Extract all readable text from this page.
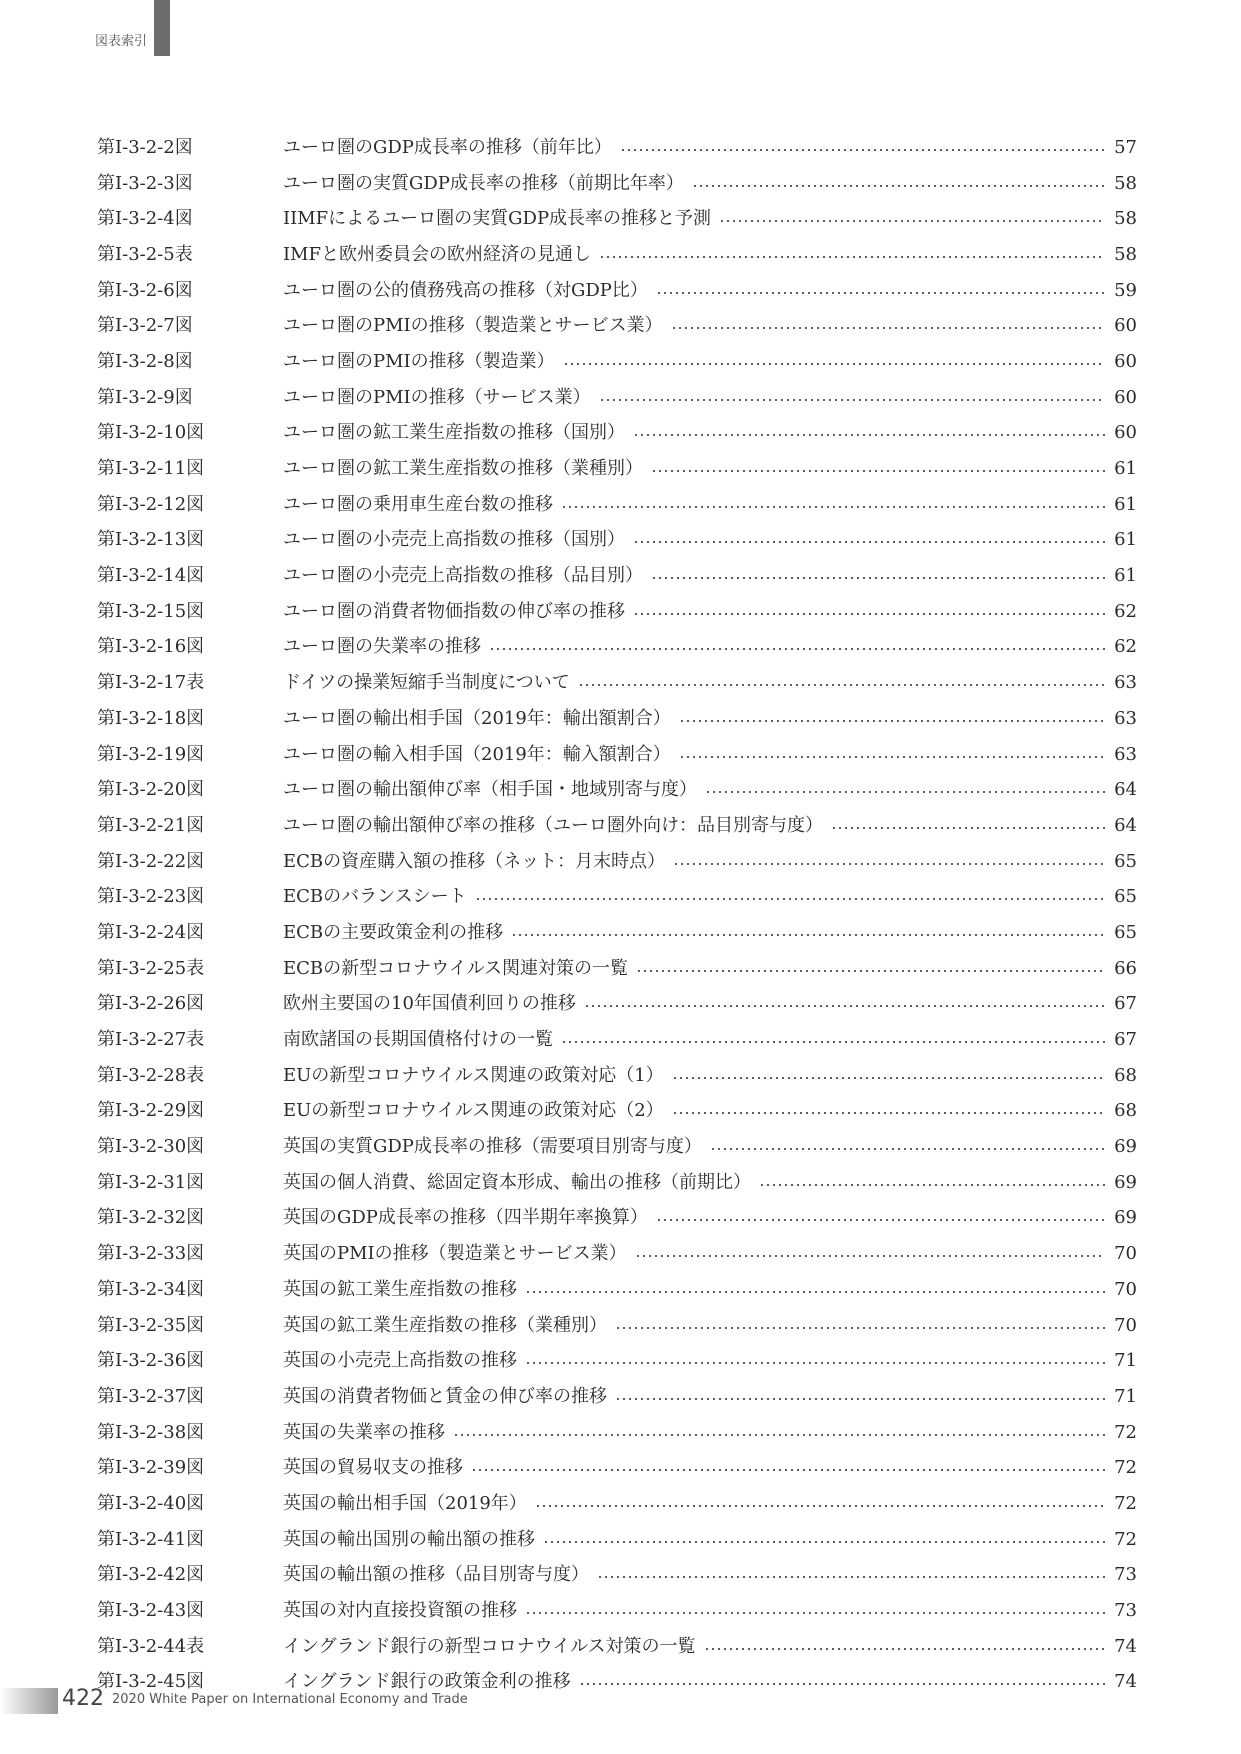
図表索引
第Ⅰ-3-2-2図	ユーロ圏のGDP成長率の推移（前年比）	57
第Ⅰ-3-2-3図	ユーロ圏の実質GDP成長率の推移（前期比年率）	58
第Ⅰ-3-2-4図	IIMFによるユーロ圏の実質GDP成長率の推移と予測	58
第Ⅰ-3-2-5表	IMFと欧州委員会の欧州経済の見通し	58
第Ⅰ-3-2-6図	ユーロ圏の公的債務残高の推移（対GDP比）	59
第Ⅰ-3-2-7図	ユーロ圏のPMIの推移（製造業とサービス業）	60
第Ⅰ-3-2-8図	ユーロ圏のPMIの推移（製造業）	60
第Ⅰ-3-2-9図	ユーロ圏のPMIの推移（サービス業）	60
第Ⅰ-3-2-10図	ユーロ圏の鉱工業生産指数の推移（国別）	60
第Ⅰ-3-2-11図	ユーロ圏の鉱工業生産指数の推移（業種別）	61
第Ⅰ-3-2-12図	ユーロ圏の乗用車生産台数の推移	61
第Ⅰ-3-2-13図	ユーロ圏の小売売上高指数の推移（国別）	61
第Ⅰ-3-2-14図	ユーロ圏の小売売上高指数の推移（品目別）	61
第Ⅰ-3-2-15図	ユーロ圏の消費者物価指数の伸び率の推移	62
第Ⅰ-3-2-16図	ユーロ圏の失業率の推移	62
第Ⅰ-3-2-17表	ドイツの操業短縮手当制度について	63
第Ⅰ-3-2-18図	ユーロ圏の輸出相手国（2019年：輸出額割合）	63
第Ⅰ-3-2-19図	ユーロ圏の輸入相手国（2019年：輸入額割合）	63
第Ⅰ-3-2-20図	ユーロ圏の輸出額伸び率（相手国・地域別寄与度）	64
第Ⅰ-3-2-21図	ユーロ圏の輸出額伸び率の推移（ユーロ圏外向け：品目別寄与度）	64
第Ⅰ-3-2-22図	ECBの資産購入額の推移（ネット：月末時点）	65
第Ⅰ-3-2-23図	ECBのバランスシート	65
第Ⅰ-3-2-24図	ECBの主要政策金利の推移	65
第Ⅰ-3-2-25表	ECBの新型コロナウイルス関連対策の一覧	66
第Ⅰ-3-2-26図	欧州主要国の10年国債利回りの推移	67
第Ⅰ-3-2-27表	南欧諸国の長期国債格付けの一覧	67
第Ⅰ-3-2-28表	EUの新型コロナウイルス関連の政策対応（1）	68
第Ⅰ-3-2-29図	EUの新型コロナウイルス関連の政策対応（2）	68
第Ⅰ-3-2-30図	英国の実質GDP成長率の推移（需要項目別寄与度）	69
第Ⅰ-3-2-31図	英国の個人消費、総固定資本形成、輸出の推移（前期比）	69
第Ⅰ-3-2-32図	英国のGDP成長率の推移（四半期年率換算）	69
第Ⅰ-3-2-33図	英国のPMIの推移（製造業とサービス業）	70
第Ⅰ-3-2-34図	英国の鉱工業生産指数の推移	70
第Ⅰ-3-2-35図	英国の鉱工業生産指数の推移（業種別）	70
第Ⅰ-3-2-36図	英国の小売売上高指数の推移	71
第Ⅰ-3-2-37図	英国の消費者物価と賃金の伸び率の推移	71
第Ⅰ-3-2-38図	英国の失業率の推移	72
第Ⅰ-3-2-39図	英国の貿易収支の推移	72
第Ⅰ-3-2-40図	英国の輸出相手国（2019年）	72
第Ⅰ-3-2-41図	英国の輸出国別の輸出額の推移	72
第Ⅰ-3-2-42図	英国の輸出額の推移（品目別寄与度）	73
第Ⅰ-3-2-43図	英国の対内直接投資額の推移	73
第Ⅰ-3-2-44表	イングランド銀行の新型コロナウイルス対策の一覧	74
第Ⅰ-3-2-45図	イングランド銀行の政策金利の推移	74
422 2020 White Paper on International Economy and Trade
